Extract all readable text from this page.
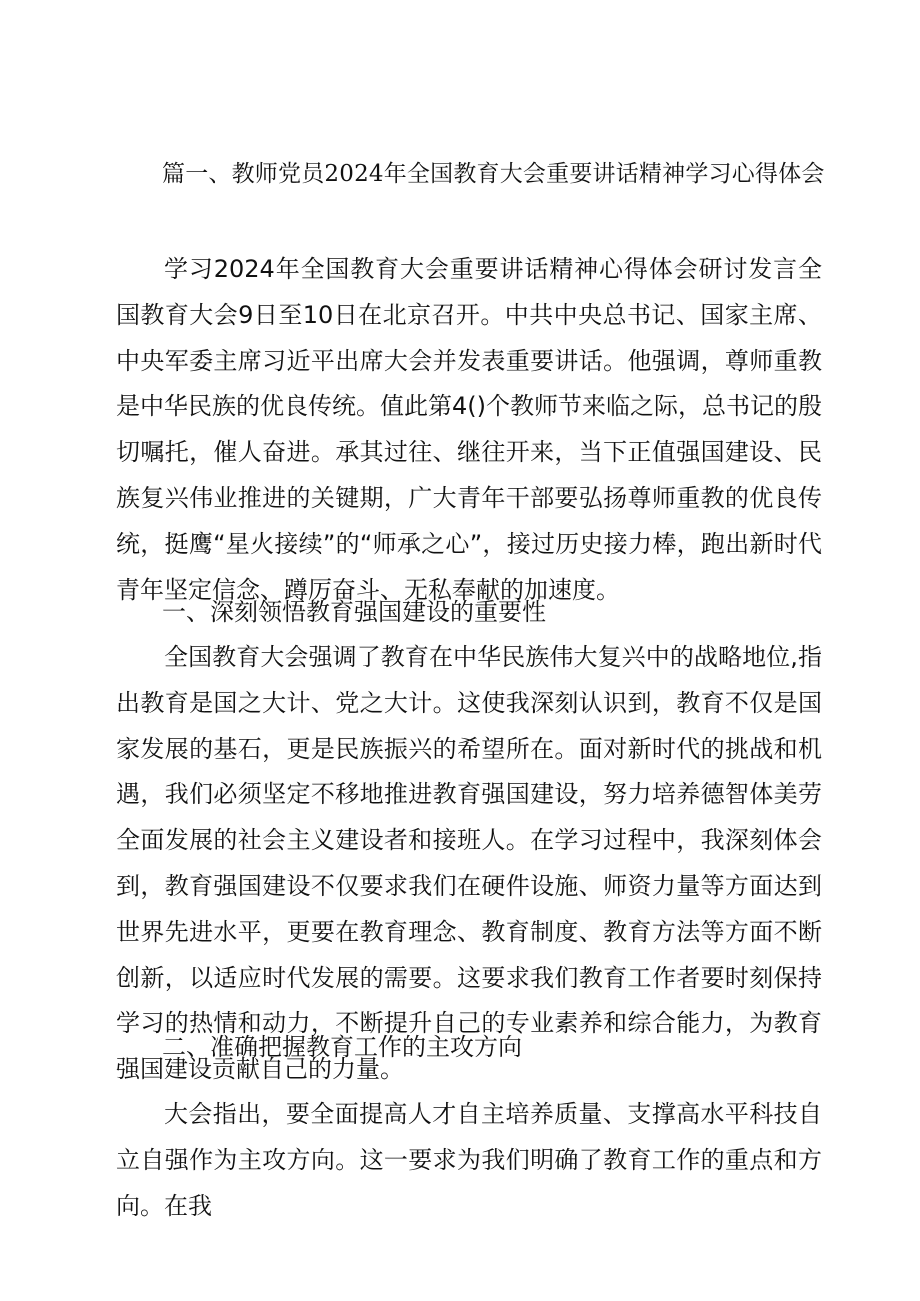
篇一、教师党员2024年全国教育大会重要讲话精神学习心得体会

学习2024年全国教育大会重要讲话精神心得体会研讨发言全国教育大会9日至10日在北京召开。中共中央总书记、国家主席、中央军委主席习近平出席大会并发表重要讲话。他强调，尊师重教是中华民族的优良传统。值此第4()个教师节来临之际，总书记的殷切嘱托，催人奋进。承其过往、继往开来，当下正值强国建设、民族复兴伟业推进的关键期，广大青年干部要弘扬尊师重教的优良传统，挺鹰“星火接续”的“师承之心”，接过历史接力棒，跑出新时代青年坚定信念、蹲厉奋斗、无私奉献的加速度。

一、深刻领悟教育强国建设的重要性

全国教育大会强调了教育在中华民族伟大复兴中的战略地位,指出教育是国之大计、党之大计。这使我深刻认识到，教育不仅是国家发展的基石，更是民族振兴的希望所在。面对新时代的挑战和机遇，我们必须坚定不移地推进教育强国建设，努力培养德智体美劳全面发展的社会主义建设者和接班人。在学习过程中，我深刻体会到，教育强国建设不仅要求我们在硬件设施、师资力量等方面达到世界先进水平，更要在教育理念、教育制度、教育方法等方面不断创新，以适应时代发展的需要。这要求我们教育工作者要时刻保持学习的热情和动力，不断提升自己的专业素养和综合能力，为教育强国建设贡献自己的力量。

二、准确把握教育工作的主攻方向

大会指出，要全面提高人才自主培养质量、支撑高水平科技自立自强作为主攻方向。这一要求为我们明确了教育工作的重点和方向。在我
